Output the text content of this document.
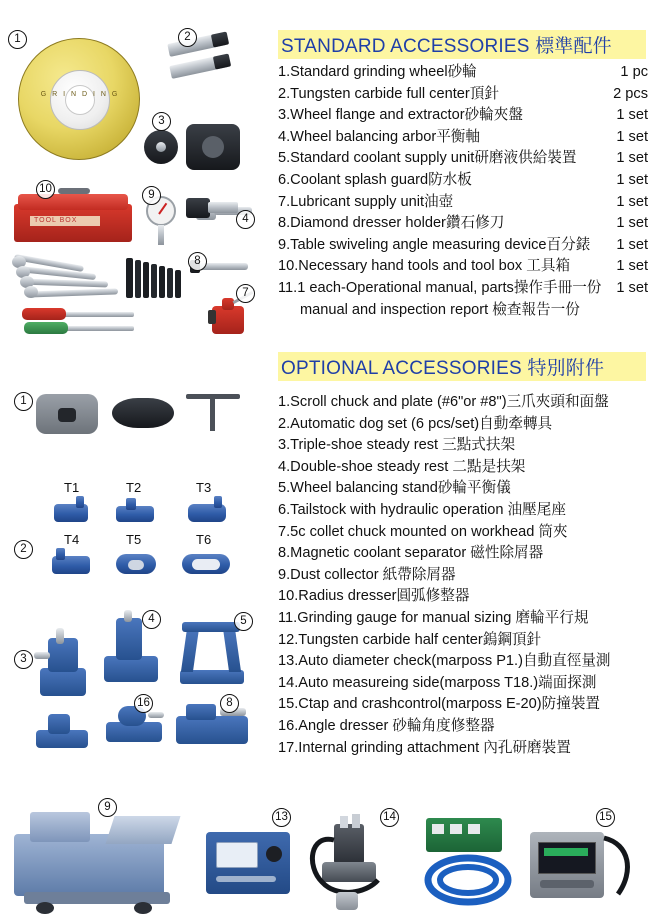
G R I N D I N G
1	2
3
4
9
8
7
TOOL BOX
10
STANDARD ACCESSORIES 標準配件
1.Standard grinding wheel砂輪	1 pc
2.Tungsten carbide full center頂針	2 pcs
3.Wheel flange and extractor砂輪夾盤	1 set
4.Wheel balancing arbor平衡軸	1 set
5.Standard coolant supply unit研磨液供給裝置	1 set
6.Coolant splash guard防水板	1 set
7.Lubricant supply unit油壺	1 set
8.Diamond dresser holder鑽石修刀	1 set
9.Table swiveling angle measuring device百分錶 1 set
10.Necessary hand tools and tool box 工具箱	1 set
11.1 each-Operational manual, parts操作手冊一份 1 set
manual and inspection report 檢查報告一份
OPTIONAL ACCESSORIES 特別附件
1.Scroll chuck and plate (#6"or #8")三爪夾頭和面盤
2.Automatic dog set (6 pcs/set)自動牽轉具
3.Triple-shoe steady rest 三點式扶架
4.Double-shoe steady rest 二點是扶架
5.Wheel balancing stand砂輪平衡儀
6.Tailstock with hydraulic operation 油壓尾座
7.5c collet chuck mounted on workhead 筒夾
8.Magnetic coolant separator 磁性除屑器
9.Dust collector 紙帶除屑器
10.Radius dresser圓弧修整器
11.Grinding gauge for manual sizing 磨輪平行規
12.Tungsten carbide half center鎢鋼頂針
13.Auto diameter check(marposs P1.)自動直徑量測
14.Auto measureing side(marposs T18.)端面探測
15.Ctap and crashcontrol(marposs E-20)防撞裝置
16.Angle dresser 砂輪角度修整器
17.Internal grinding attachment 內孔研磨裝置
1
2
T1	T2	T3
T4	T5	T6
3
4	5
16	8
9
13	14	15
